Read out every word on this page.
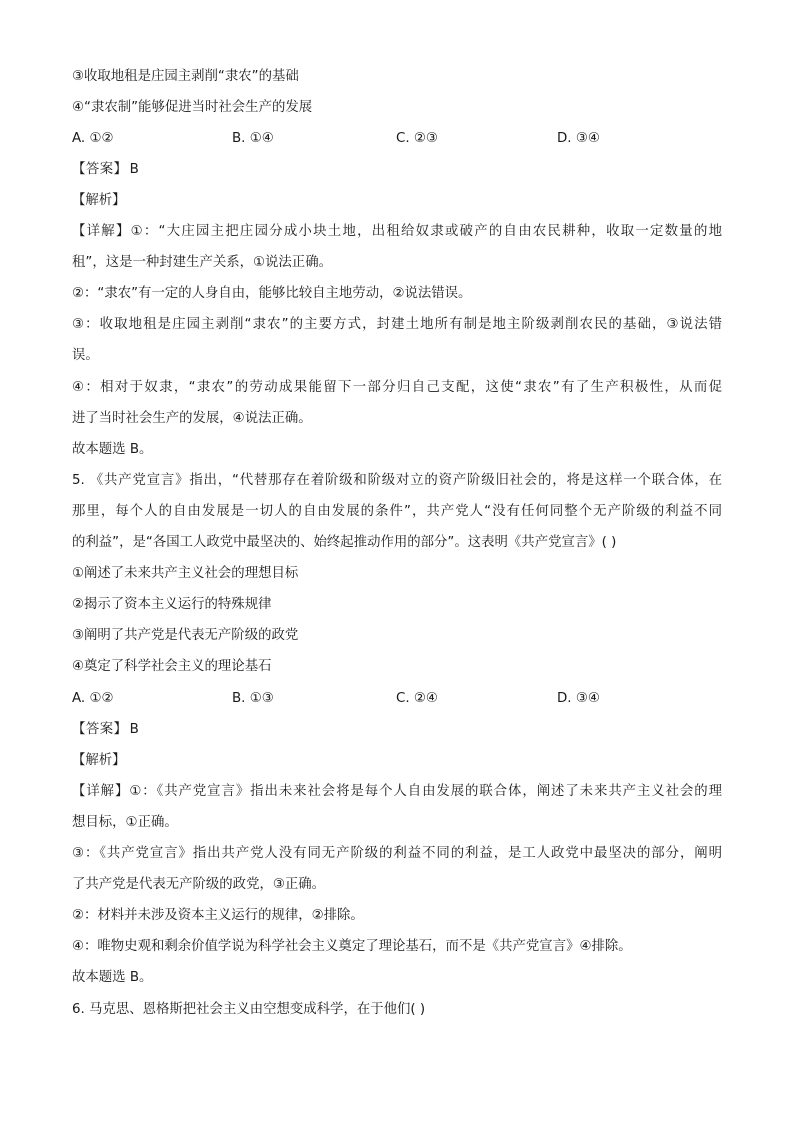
③收取地租是庄园主剥削“隶农”的基础
④“隶农制”能够促进当时社会生产的发展
A. ①②	B. ①④	C. ②③	D. ③④
【答案】 B
【解析】
【详解】①：“大庄园主把庄园分成小块土地，出租给奴隶或破产的自由农民耕种，收取一定数量的地
租”，这是一种封建生产关系，①说法正确。
②：“隶农”有一定的人身自由，能够比较自主地劳动，②说法错误。
③：收取地租是庄园主剥削“隶农”的主要方式，封建土地所有制是地主阶级剥削农民的基础，③说法错
误。
④：相对于奴隶，“隶农”的劳动成果能留下一部分归自己支配，这使“隶农”有了生产积极性，从而促
进了当时社会生产的发展，④说法正确。
故本题选 B。
5. 《共产党宣言》指出，“代替那存在着阶级和阶级对立的资产阶级旧社会的，将是这样一个联合体，在
那里，每个人的自由发展是一切人的自由发展的条件”，共产党人“没有任何同整个无产阶级的利益不同
的利益”，是“各国工人政党中最坚决的、始终起推动作用的部分”。这表明《共产党宣言》( )
①阐述了未来共产主义社会的理想目标
②揭示了资本主义运行的特殊规律
③阐明了共产党是代表无产阶级的政党
④奠定了科学社会主义的理论基石
A. ①②	B. ①③	C. ②④	D. ③④
【答案】 B
【解析】
【详解】①：《共产党宣言》指出未来社会将是每个人自由发展的联合体，阐述了未来共产主义社会的理
想目标，①正确。
③：《共产党宣言》指出共产党人没有同无产阶级的利益不同的利益，是工人政党中最坚决的部分，阐明
了共产党是代表无产阶级的政党，③正确。
②：材料并未涉及资本主义运行的规律，②排除。
④：唯物史观和剩余价值学说为科学社会主义奠定了理论基石，而不是《共产党宣言》④排除。
故本题选 B。
6. 马克思、恩格斯把社会主义由空想变成科学，在于他们( )
